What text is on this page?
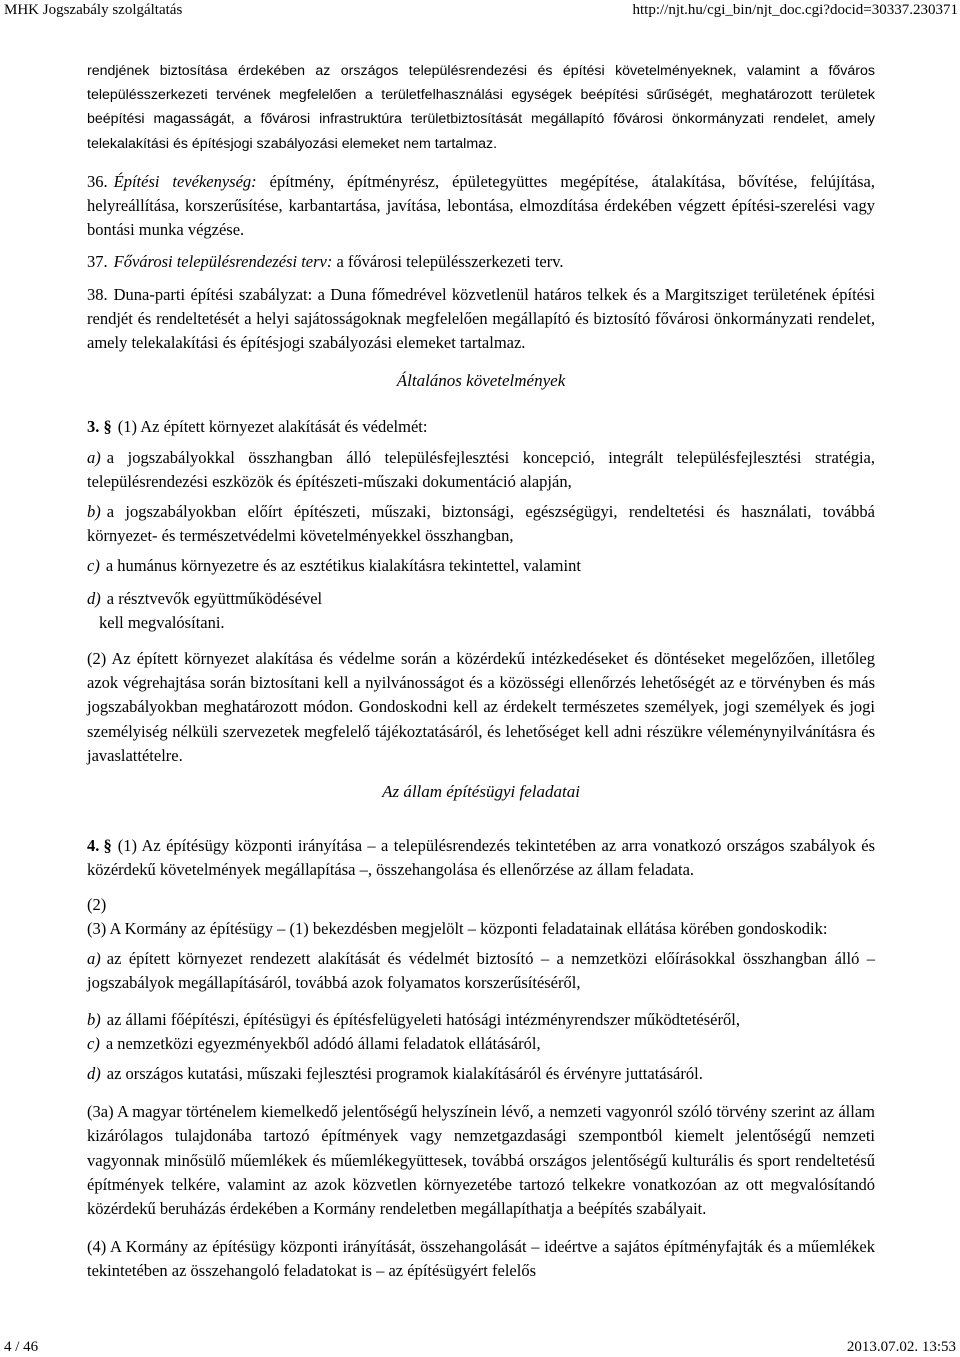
MHK Jogszabály szolgáltatás	http://njt.hu/cgi_bin/njt_doc.cgi?docid=30337.230371

rendjének biztosítása érdekében az országos településrendezési és építési követelményeknek, valamint a főváros településszerkezeti tervének megfelelően a területfelhasználási egységek beépítési sűrűségét, meghatározott területek beépítési magasságát, a fővárosi infrastruktúra területbiztosítását megállapító fővárosi önkormányzati rendelet, amely telekalakítási és építésjogi szabályozási elemeket nem tartalmaz.

36. Építési tevékenység: építmény, építményrész, épületegyüttes megépítése, átalakítása, bővítése, felújítása, helyreállítása, korszerűsítése, karbantartása, javítása, lebontása, elmozdítása érdekében végzett építési-szerelési vagy bontási munka végzése.

37. Fővárosi településrendezési terv: a fővárosi településszerkezeti terv.

38. Duna-parti építési szabályzat: a Duna főmedrével közvetlenül határos telkek és a Margitsziget területének építési rendjét és rendeltetését a helyi sajátosságoknak megfelelően megállapító és biztosító fővárosi önkormányzati rendelet, amely telekalakítási és építésjogi szabályozási elemeket tartalmaz.

Általános követelmények

3. § (1) Az épített környezet alakítását és védelmét:

a) a jogszabályokkal összhangban álló településfejlesztési koncepció, integrált településfejlesztési stratégia, településrendezési eszközök és építészeti-műszaki dokumentáció alapján,

b) a jogszabályokban előírt építészeti, műszaki, biztonsági, egészségügyi, rendeltetési és használati, továbbá környezet- és természetvédelmi követelményekkel összhangban,

c) a humánus környezetre és az esztétikus kialakításra tekintettel, valamint

d) a résztvevők együttműködésével

kell megvalósítani.

(2) Az épített környezet alakítása és védelme során a közérdekű intézkedéseket és döntéseket megelőzően, illetőleg azok végrehajtása során biztosítani kell a nyilvánosságot és a közösségi ellenőrzés lehetőségét az e törvényben és más jogszabályokban meghatározott módon. Gondoskodni kell az érdekelt természetes személyek, jogi személyek és jogi személyiség nélküli szervezetek megfelelő tájékoztatásáról, és lehetőséget kell adni részükre véleménynyilvánításra és javaslattételre.

Az állam építésügyi feladatai

4. § (1) Az építésügy központi irányítása – a településrendezés tekintetében az arra vonatkozó országos szabályok és közérdekű követelmények megállapítása –, összehangolása és ellenőrzése az állam feladata.

(2)

(3) A Kormány az építésügy – (1) bekezdésben megjelölt – központi feladatainak ellátása körében gondoskodik:

a) az épített környezet rendezett alakítását és védelmét biztosító – a nemzetközi előírásokkal összhangban álló – jogszabályok megállapításáról, továbbá azok folyamatos korszerűsítéséről,

b) az állami főépítészi, építésügyi és építésfelügyeleti hatósági intézményrendszer működtetéséről,

c) a nemzetközi egyezményekből adódó állami feladatok ellátásáról,

d) az országos kutatási, műszaki fejlesztési programok kialakításáról és érvényre juttatásáról.

(3a) A magyar történelem kiemelkedő jelentőségű helyszínein lévő, a nemzeti vagyonról szóló törvény szerint az állam kizárólagos tulajdonába tartozó építmények vagy nemzetgazdasági szempontból kiemelt jelentőségű nemzeti vagyonnak minősülő műemlékek és műemlékegyüttesek, továbbá országos jelentőségű kulturális és sport rendeltetésű építmények telkére, valamint az azok közvetlen környezetébe tartozó telkekre vonatkozóan az ott megvalósítandó közérdekű beruházás érdekében a Kormány rendeletben megállapíthatja a beépítés szabályait.

(4) A Kormány az építésügy központi irányítását, összehangolását – ideértve a sajátos építményfajták és a műemlékek tekintetében az összehangoló feladatokat is – az építésügyért felelős

4 / 46	2013.07.02. 13:53
